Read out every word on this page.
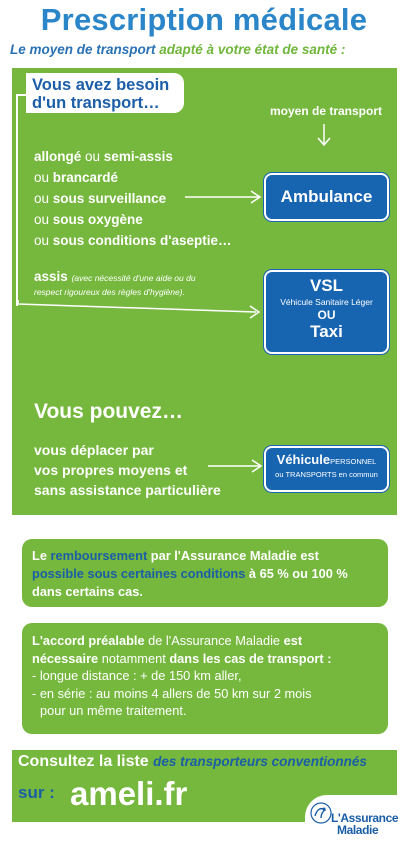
Prescription médicale
Le moyen de transport adapté à votre état de santé :
Vous avez besoin
d'un transport…	moyen de transport
allongé ou semi-assis
ou brancardé
ou sous surveillance
ou sous oxygène
ou sous conditions d'aseptie…
Ambulance
assis (avec nécessité d'une aide ou du respect rigoureux des règles d'hygiène).	VSL
Véhicule Sanitaire Léger
OU
Taxi
Vous pouvez…
vous déplacer par
vos propres moyens et
sans assistance particulière
VéhiculePERSONNEL
ou TRANSPORTS en commun
Le remboursement par l'Assurance Maladie est
possible sous certaines conditions à 65 % ou 100 %
dans certains cas.
L'accord préalable de l'Assurance Maladie est
nécessaire notamment dans les cas de transport :
- longue distance : + de 150 km aller,
- en série : au moins 4 allers de 50 km sur 2 mois
pour un même traitement.
Consultez la liste des transporteurs conventionnés
sur : ameli.fr
L'Assurance
Maladie
